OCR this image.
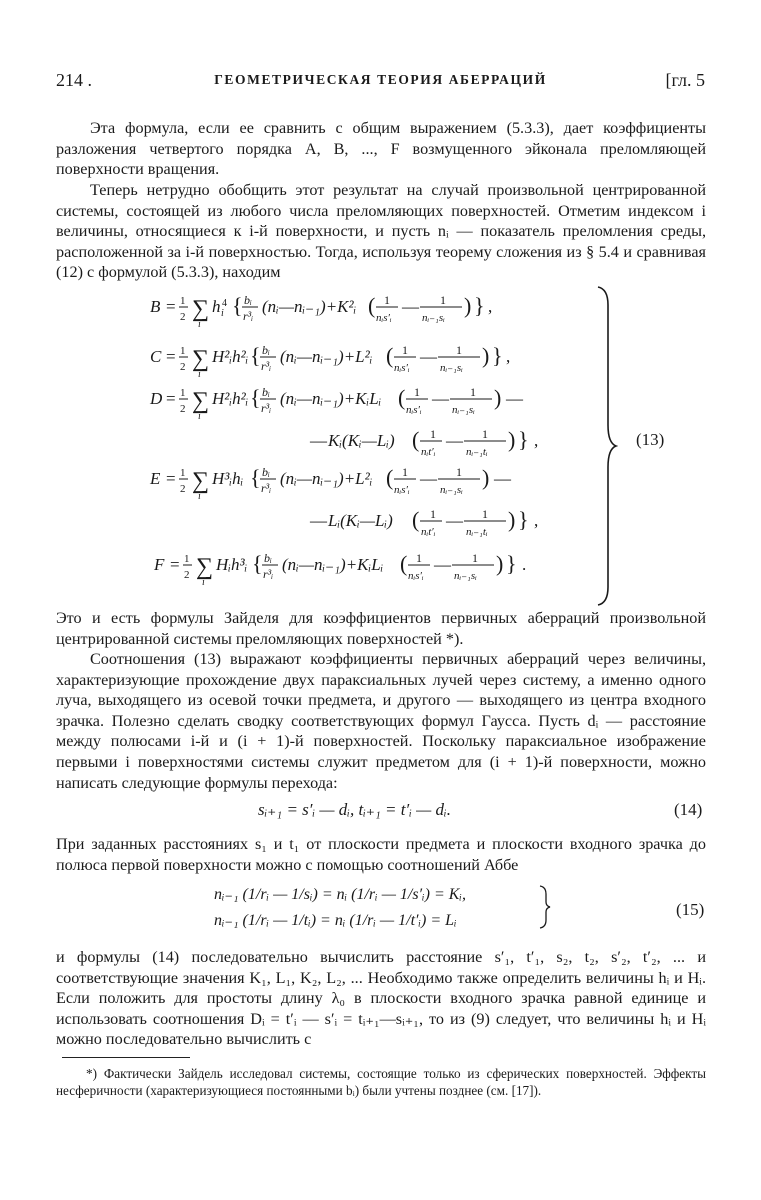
214 .	ГЕОМЕТРИЧЕСКАЯ ТЕОРИЯ АБЕРРАЦИЙ	[гл. 5

Эта формула, если ее сравнить с общим выражением (5.3.3), дает коэффициенты разложения четвертого порядка A, B, ..., F возмущенного эйконала преломляющей поверхности вращения.

Теперь нетрудно обобщить этот результат на случай произвольной центрированной системы, состоящей из любого числа преломляющих поверхностей. Отметим индексом i величины, относящиеся к i-й поверхности, и пусть nᵢ — показатель преломления среды, расположенной за i-й поверхностью. Тогда, используя теорему сложения из § 5.4 и сравнивая (12) с формулой (5.3.3), находим

B = 1
2 ∑
i
h i
4 { bᵢ
r³ᵢ (nᵢ—nᵢ₋₁)+K²ᵢ ( 1
nᵢs′ᵢ
— 1
nᵢ₋₁sᵢ ) } ,
C = 1
2 ∑
i
H²ᵢh²ᵢ { bᵢ
r³ᵢ (nᵢ—nᵢ₋₁)+L²ᵢ ( 1
nᵢs′ᵢ
— 1
nᵢ₋₁sᵢ ) } ,
D = 1
2 ∑
i
H²ᵢh²ᵢ { bᵢ
r³ᵢ (nᵢ—nᵢ₋₁)+KᵢLᵢ ( 1
nᵢs′ᵢ
— 1
nᵢ₋₁sᵢ ) —
— Kᵢ(Kᵢ—Lᵢ) ( 1
nᵢt′ᵢ
— 1
nᵢ₋₁tᵢ ) } ,
E = 1
2 ∑
i
H³ᵢhᵢ { bᵢ
r³ᵢ (nᵢ—nᵢ₋₁)+L²ᵢ ( 1
nᵢs′ᵢ
— 1
nᵢ₋₁sᵢ ) —
— Lᵢ(Kᵢ—Lᵢ) ( 1
nᵢt′ᵢ
— 1
nᵢ₋₁tᵢ ) } ,
F = 1
2 ∑
i
Hᵢh³ᵢ { bᵢ
r³ᵢ (nᵢ—nᵢ₋₁)+KᵢLᵢ ( 1
nᵢs′ᵢ
— 1
nᵢ₋₁sᵢ ) } .
(13)

Это и есть формулы Зайделя для коэффициентов первичных аберраций произвольной центрированной системы преломляющих поверхностей *).

Соотношения (13) выражают коэффициенты первичных аберраций через величины, характеризующие прохождение двух параксиальных лучей через систему, а именно одного луча, выходящего из осевой точки предмета, и другого — выходящего из центра входного зрачка. Полезно сделать сводку соответствующих формул Гаусса. Пусть dᵢ — расстояние между полюсами i-й и (i + 1)-й поверхностей. Поскольку параксиальное изображение первыми i поверхностями системы служит предметом для (i + 1)-й поверхности, можно написать следующие формулы перехода:

sᵢ₊₁ = s′ᵢ — dᵢ, tᵢ₊₁ = t′ᵢ — dᵢ.	(14)

При заданных расстояниях s₁ и t₁ от плоскости предмета и плоскости входного зрачка до полюса первой поверхности можно с помощью соотношений Аббе

nᵢ₋₁ (1/rᵢ — 1/sᵢ) = nᵢ (1/rᵢ — 1/s′ᵢ) = Kᵢ,
nᵢ₋₁ (1/rᵢ — 1/tᵢ) = nᵢ (1/rᵢ — 1/t′ᵢ) = Lᵢ
(15)

и формулы (14) последовательно вычислить расстояние s′₁, t′₁, s₂, t₂, s′₂, t′₂, ... и соответствующие значения K₁, L₁, K₂, L₂, ... Необходимо также определить величины hᵢ и Hᵢ. Если положить для простоты длину λ₀ в плоскости входного зрачка равной единице и использовать соотношения Dᵢ = t′ᵢ — s′ᵢ = tᵢ₊₁—sᵢ₊₁, то из (9) следует, что величины hᵢ и Hᵢ можно последовательно вычислить с

*) Фактически Зайдель исследовал системы, состоящие только из сферических поверхностей. Эффекты несферичности (характеризующиеся постоянными bᵢ) были учтены позднее (см. [17]).
